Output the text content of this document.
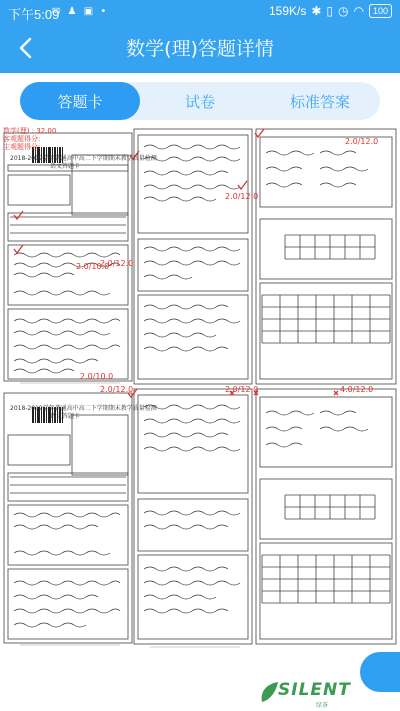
下午5:09
✉ ♟ ▣ •	159K/s ✱ ▯ ◷ ◠	100
数学(理)答题详情
答题卡	试卷	标准答案
数学(理) : 32.00
客观题得分:
主观题得分:
2018-2019学年普通高中高二下学期期末教学质量检测
语文答题卡
2.0/12.0
2.0/10.0
2.0/12.0
2.0/12.0
2.0/10.0
2018-2019学年普通高中高二下学期期末教学质量检测
语文答题卡
2.0/12.0	2.0/12.0	4.0/12.0
SILENT
绿茶
